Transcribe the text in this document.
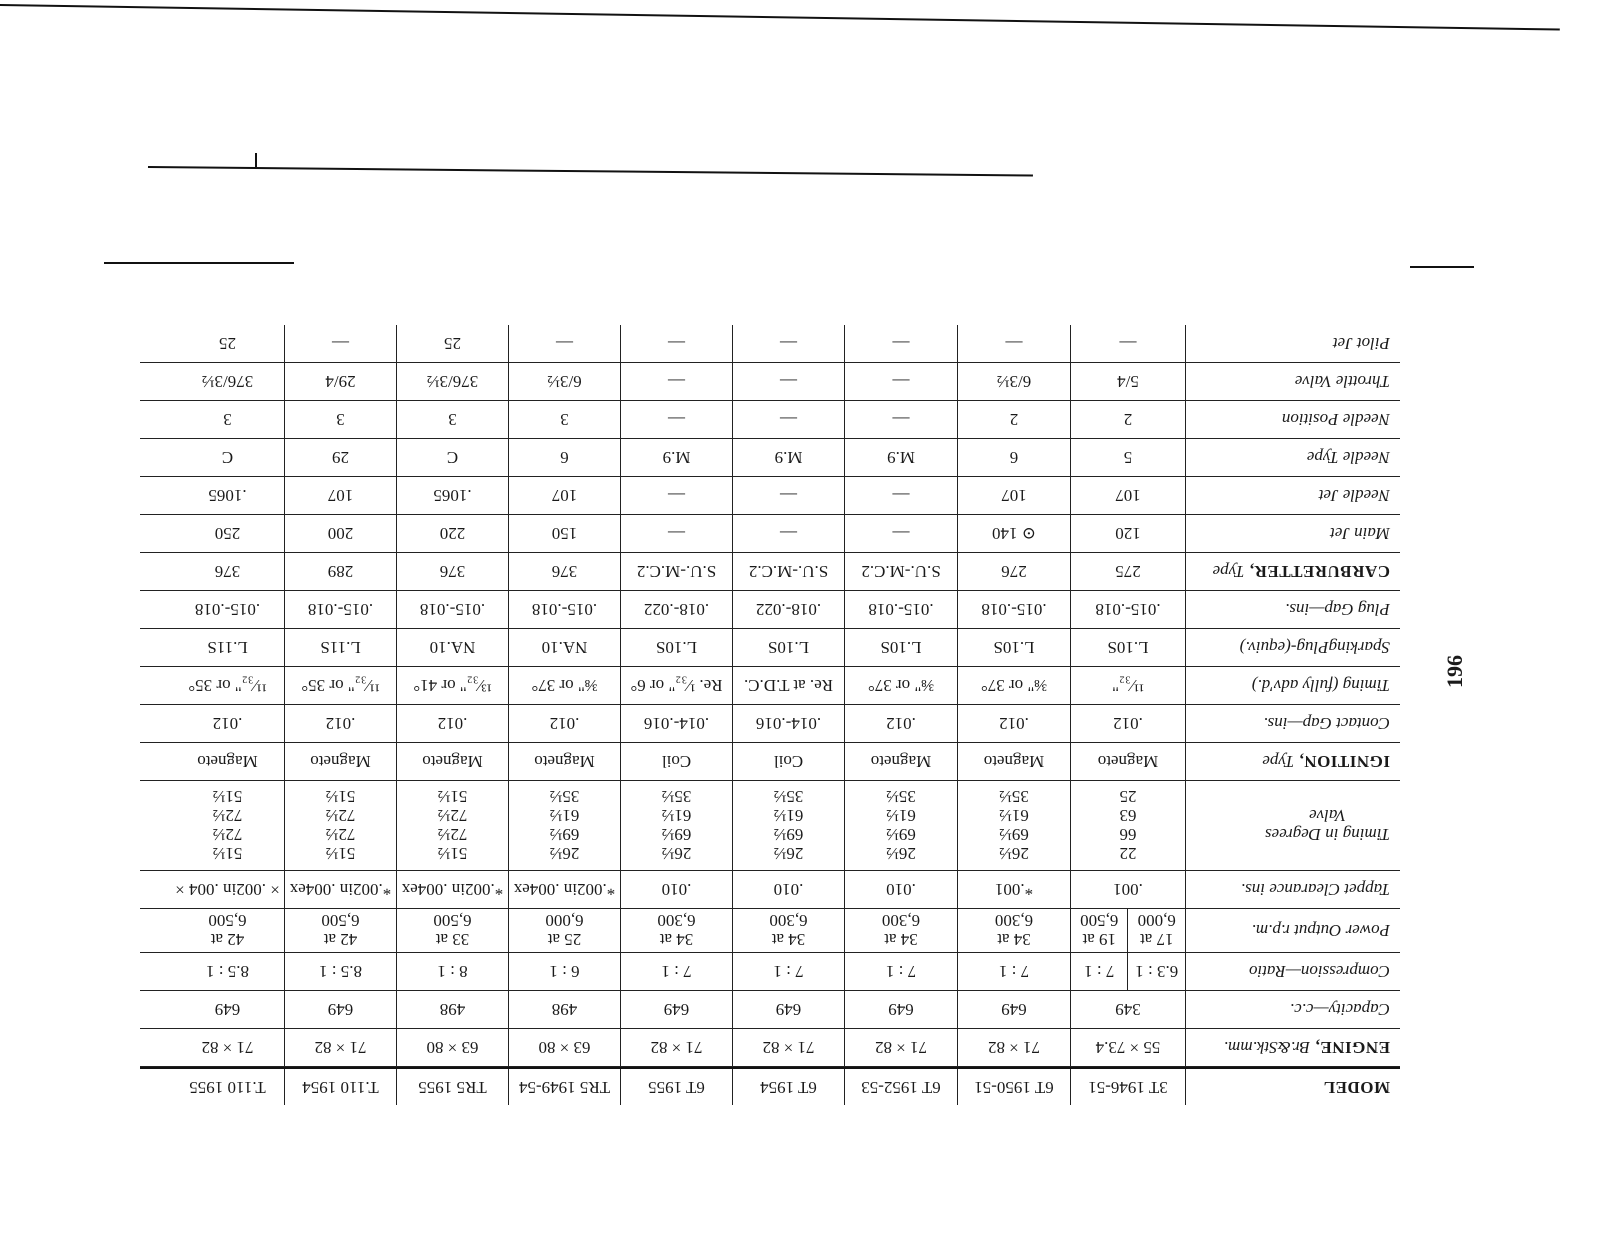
196
MODEL
3T 1946-51
6T 1950-51
6T 1952-53
6T 1954
6T 1955
TR5 1949-54
TR5 1955
T.110 1954
T.110 1955
ENGINE,
Br.&Stk.mm.
55 × 73.4
71 × 82
71 × 82
71 × 82
71 × 82
63 × 80
63 × 80
71 × 82
71 × 82
Capacity—c.c.
349
649
649
649
649
498
498
649
649
Compression—Ratio
6.3 : 1
7 : 1
7 : 1
7 : 1
7 : 1
7 : 1
6 : 1
8 : 1
8.5 : 1
8.5 : 1
Power Output r.p.m.
17 at
6,000
19 at
6,500
34 at
6,300
34 at
6,300
34 at
6,300
34 at
6,300
25 at
6,000
33 at
6,500
42 at
6,500
42 at
6,500
Tappet Clearance ins.
.001
*.001
.010
.010
.010
*.002in .004ex
*.002in .004ex
*.002in .004ex
× .002in .004 ×
Timing in Degrees
Valve
22
66
63
25
26½
69½
61½
35½
26½
69½
61½
35½
26½
69½
61½
35½
26½
69½
61½
35½
26½
69½
61½
35½
51½
72½
72½
51½
51½
72½
72½
51½
51½
72½
72½
51½
IGNITION,
Type
Magneto
Magneto
Magneto
Coil
Coil
Magneto
Magneto
Magneto
Magneto
Contact Gap—ins.
.012
.012
.012
.014-.016
.014-.016
.012
.012
.012
.012
Timing (fully adv'd.)
¹¹⁄₃₂"
⅜" or 37°
⅜" or 37°
Re. at T.D.C.
Re. ¹⁄₃₂" or 6°
⅜" or 37°
¹³⁄₃₂" or 41°
¹¹⁄₃₂" or 35°
¹¹⁄₃₂" or 35°
SparkingPlug-(equiv.)
L.10S
L.10S
L.10S
L.10S
L.10S
NA.10
NA.10
L.11S
L.11S
Plug Gap—ins.
.015-.018
.015-.018
.015-.018
.018-.022
.018-.022
.015-.018
.015-.018
.015-.018
.015-.018
CARBURETTER,
Type
275
276
S.U.-M.C.2
S.U.-M.C.2
S.U.-M.C.2
376
376
289
376
Main Jet
120
⊙ 140
—
—
—
150
220
200
250
Needle Jet
107
107
—
—
—
107
.1065
107
.1065
Needle Type
5
6
M.9
M.9
M.9
6
C
29
C
Needle Position
2
2
—
—
—
3
3
3
3
Throttle Valve
5/4
6/3½
—
—
—
6/3½
376/3½
29/4
376/3½
Pilot Jet
—
—
—
—
—
—
25
—
25
